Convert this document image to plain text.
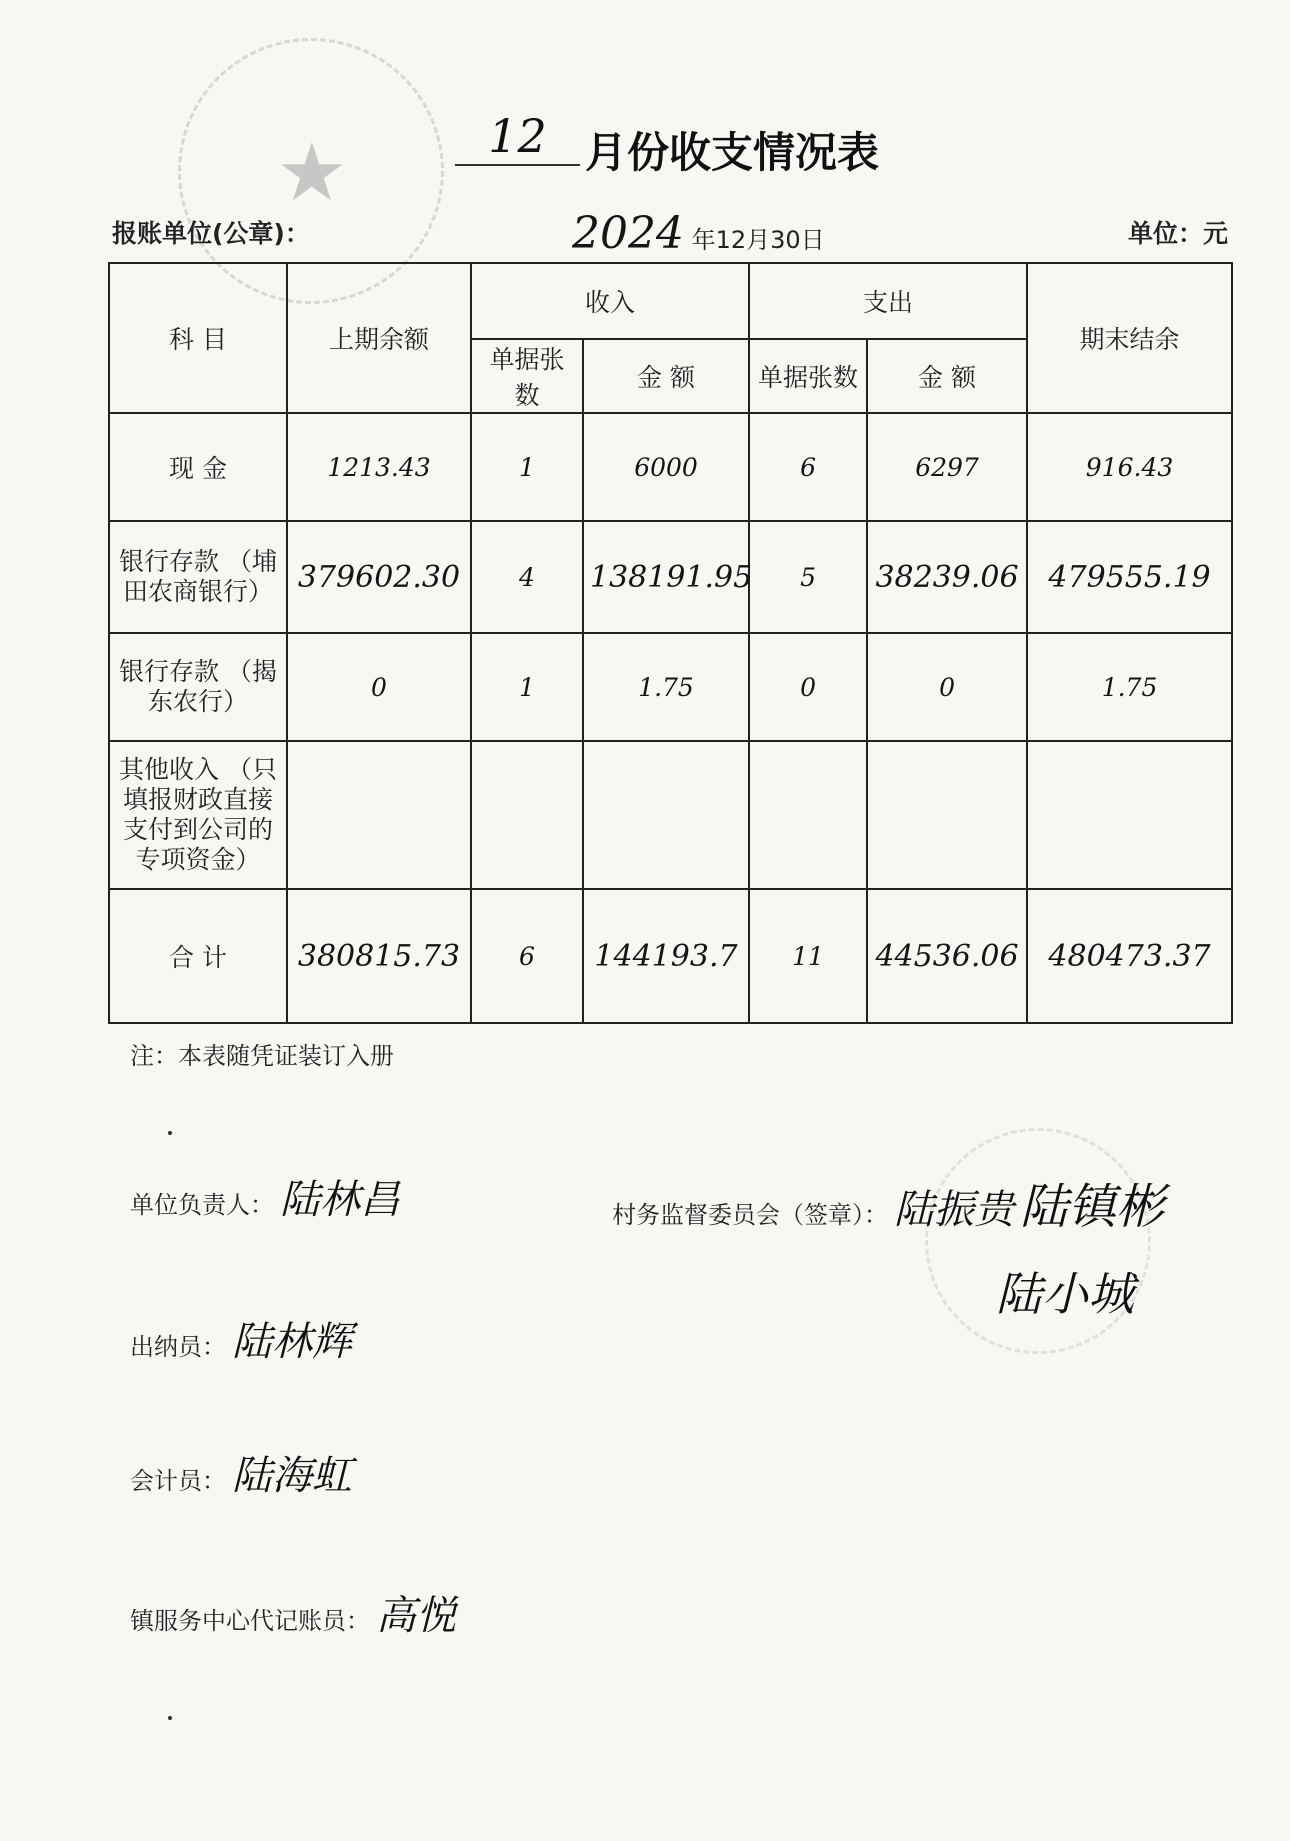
★	12 月份收支情况表
报账单位(公章)：	2024 年12月30日	单位：元
科 目	上期余额	收入		支出		期末结余
		单据张数	金 额	单据张数	金 额	
现 金	1213.43	1	6000	6	6297	916.43
银行存款 （埔田农商银行）	379602.30	4	138191.95	5	38239.06	479555.19
银行存款 （揭东农行）	0	1	1.75	0	0	1.75
其他收入 （只填报财政直接支付到公司的专项资金）						
合 计	380815.73	6	144193.7	11	44536.06	480473.37
注：本表随凭证装订入册
单位负责人： 陆林昌	村务监督委员会（签章）： 陆振贵 陆镇彬
陆小城
出纳员： 陆林辉
会计员： 陆海虹
镇服务中心代记账员： 高悦
